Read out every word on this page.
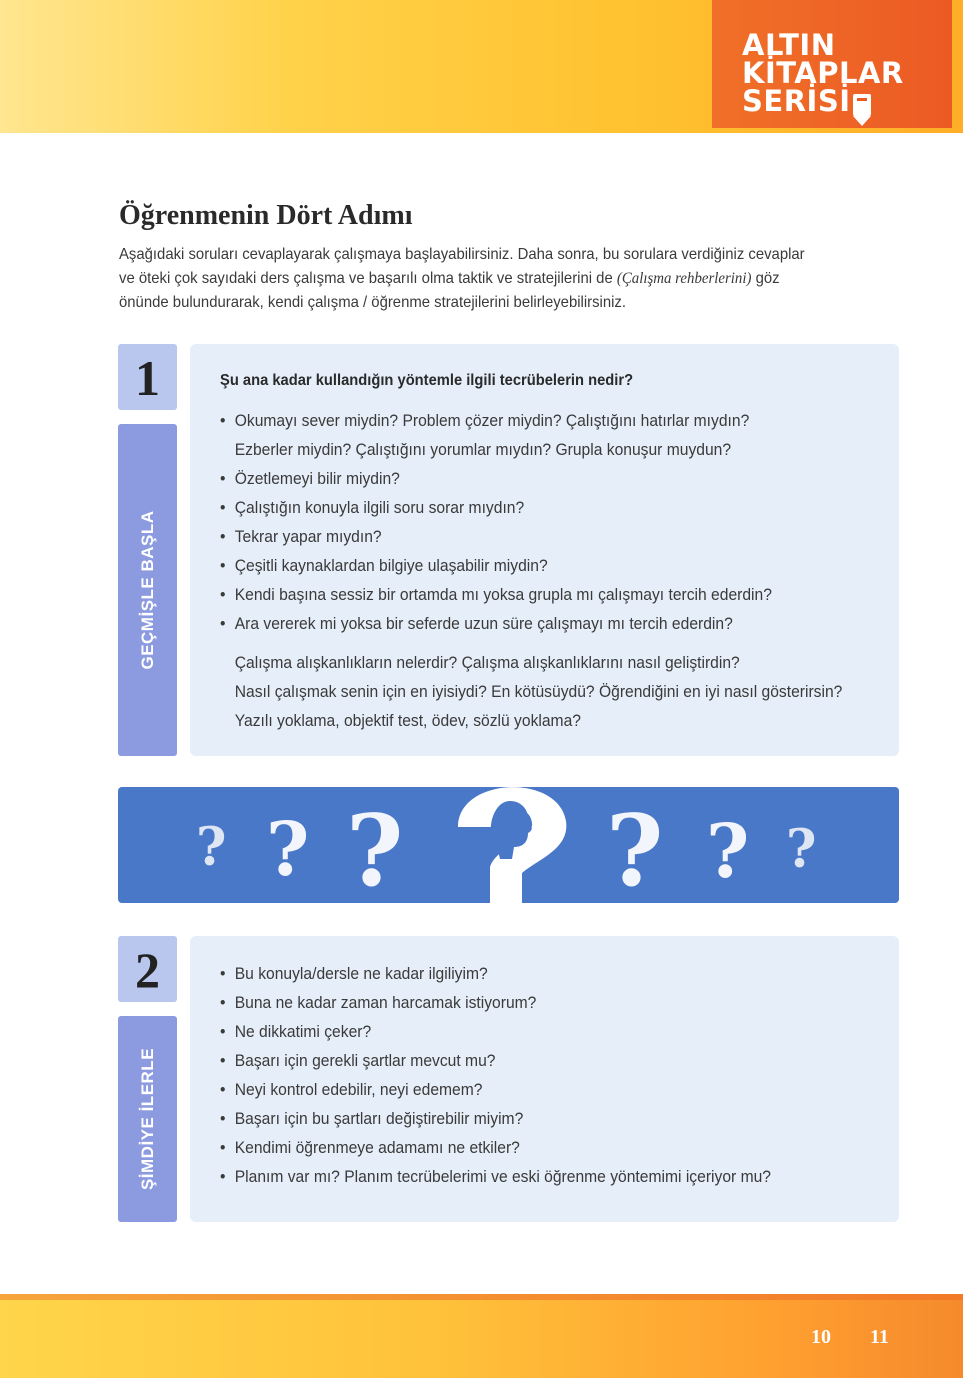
ALTIN
KİTAPLAR
SERİSİ
Öğrenmenin Dört Adımı
Aşağıdaki soruları cevaplayarak çalışmaya başlayabilirsiniz. Daha sonra, bu sorulara verdiğiniz cevaplar
ve öteki çok sayıdaki ders çalışma ve başarılı olma taktik ve stratejilerini de (Çalışma rehberlerini) göz
önünde bulundurarak, kendi çalışma / öğrenme stratejilerini belirleyebilirsiniz.
1
GEÇMİŞLE BAŞLA

Şu ana kadar kullandığın yöntemle ilgili tecrübelerin nedir?

• Okumayı sever miydin? Problem çözer miydin? Çalıştığını hatırlar mıydın?
Ezberler miydin? Çalıştığını yorumlar mıydın? Grupla konuşur muydun?
• Özetlemeyi bilir miydin?
• Çalıştığın konuyla ilgili soru sorar mıydın?
• Tekrar yapar mıydın?
• Çeşitli kaynaklardan bilgiye ulaşabilir miydin?
• Kendi başına sessiz bir ortamda mı yoksa grupla mı çalışmayı tercih ederdin?
• Ara vererek mi yoksa bir seferde uzun süre çalışmayı mı tercih ederdin?
Çalışma alışkanlıkların nelerdir? Çalışma alışkanlıklarını nasıl geliştirdin?
Nasıl çalışmak senin için en iyisiydi? En kötüsüydü? Öğrendiğini en iyi nasıl gösterirsin?
Yazılı yoklama, objektif test, ödev, sözlü yoklama?
? ? ? ? ? ?
2
ŞİMDİYE İLERLE
• Bu konuyla/dersle ne kadar ilgiliyim?
• Buna ne kadar zaman harcamak istiyorum?
• Ne dikkatimi çeker?
• Başarı için gerekli şartlar mevcut mu?
• Neyi kontrol edebilir, neyi edemem?
• Başarı için bu şartları değiştirebilir miyim?
• Kendimi öğrenmeye adamamı ne etkiler?
• Planım var mı? Planım tecrübelerimi ve eski öğrenme yöntemimi içeriyor mu?
10 11
